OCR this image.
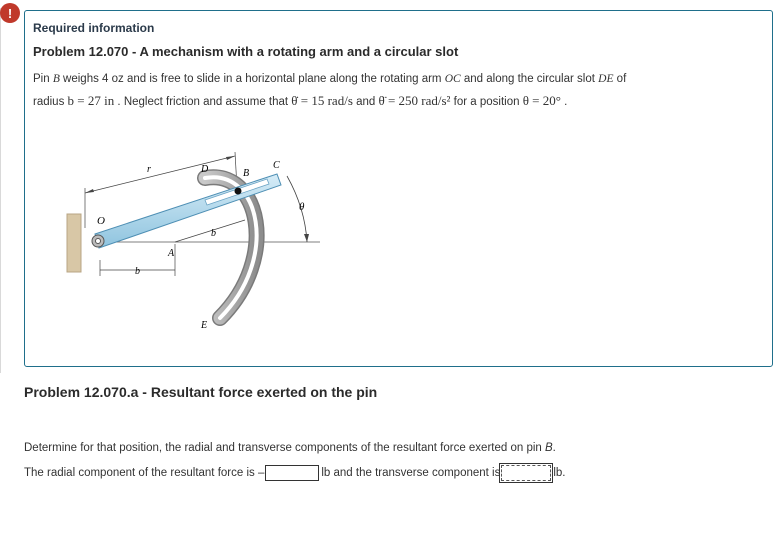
!
Required information
Problem 12.070 - A mechanism with a rotating arm and a circular slot
Pin B weighs 4 oz and is free to slide in a horizontal plane along the rotating arm OC and along the circular slot DE of
radius b = 27 in . Neglect friction and assume that θ̇ = 15 rad/s and θ̈ = 250 rad/s² for a position θ = 20° .
r
O
A
B
C
D
E
b
b
θ
Problem 12.070.a - Resultant force exerted on the pin
Determine for that position, the radial and transverse components of the resultant force exerted on pin B.
The radial component of the resultant force is –	lb and the transverse component is	lb.
